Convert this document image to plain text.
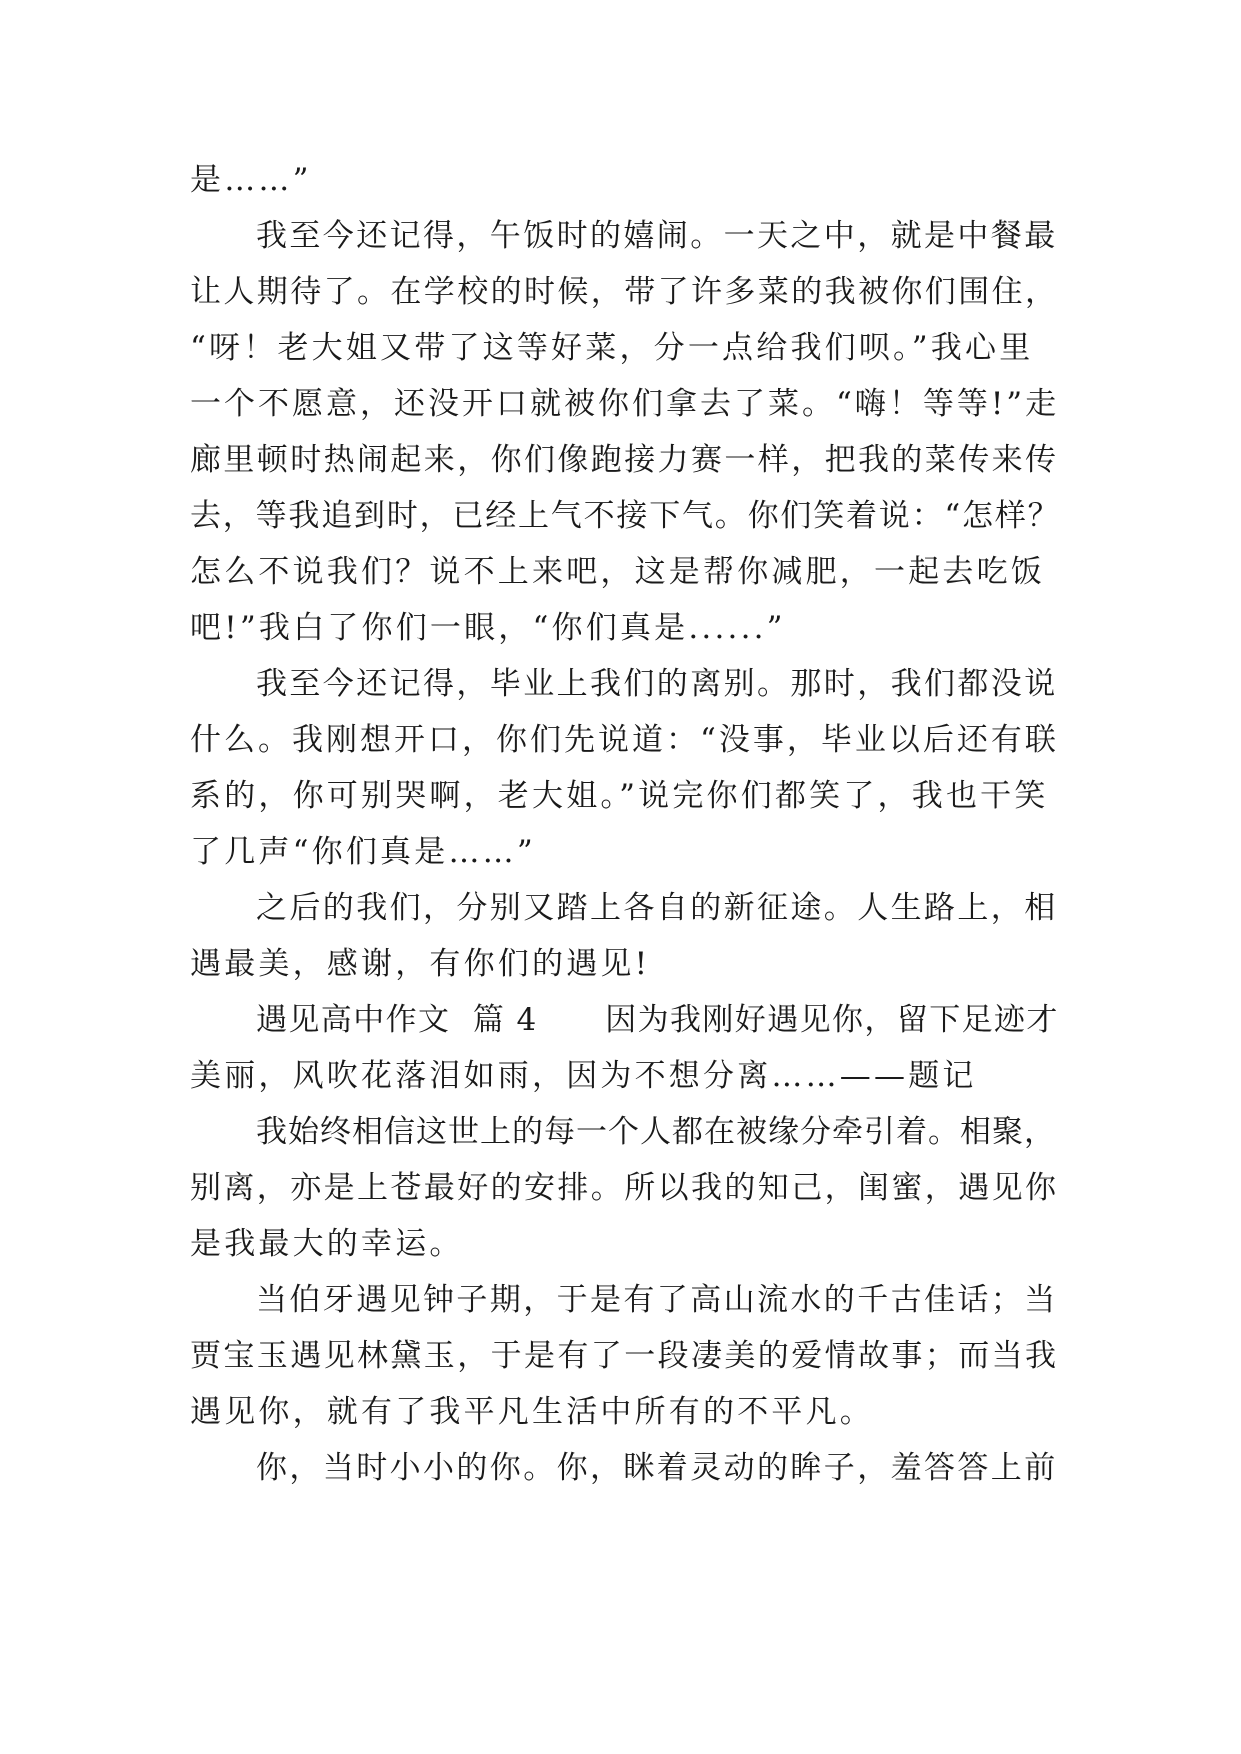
是……”
我至今还记得，午饭时的嬉闹。一天之中，就是中餐最
让人期待了。在学校的时候，带了许多菜的我被你们围住，
“呀！老大姐又带了这等好菜，分一点给我们呗。”我心里
一个不愿意，还没开口就被你们拿去了菜。“嗨！等等!”走
廊里顿时热闹起来，你们像跑接力赛一样，把我的菜传来传
去，等我追到时，已经上气不接下气。你们笑着说：“怎样？
怎么不说我们？说不上来吧，这是帮你减肥，一起去吃饭
吧!”我白了你们一眼，“你们真是......”
我至今还记得，毕业上我们的离别。那时，我们都没说
什么。我刚想开口，你们先说道：“没事，毕业以后还有联
系的，你可别哭啊，老大姐。”说完你们都笑了，我也干笑
了几声“你们真是……”
之后的我们，分别又踏上各自的新征途。人生路上，相
遇最美，感谢，有你们的遇见!
遇见高中作文  篇 4      因为我刚好遇见你，留下足迹才
美丽，风吹花落泪如雨，因为不想分离……——题记
我始终相信这世上的每一个人都在被缘分牵引着。相聚，
别离，亦是上苍最好的安排。所以我的知己，闺蜜，遇见你
是我最大的幸运。
当伯牙遇见钟子期，于是有了高山流水的千古佳话；当
贾宝玉遇见林黛玉，于是有了一段凄美的爱情故事；而当我
遇见你，就有了我平凡生活中所有的不平凡。
你，当时小小的你。你，眯着灵动的眸子，羞答答上前
